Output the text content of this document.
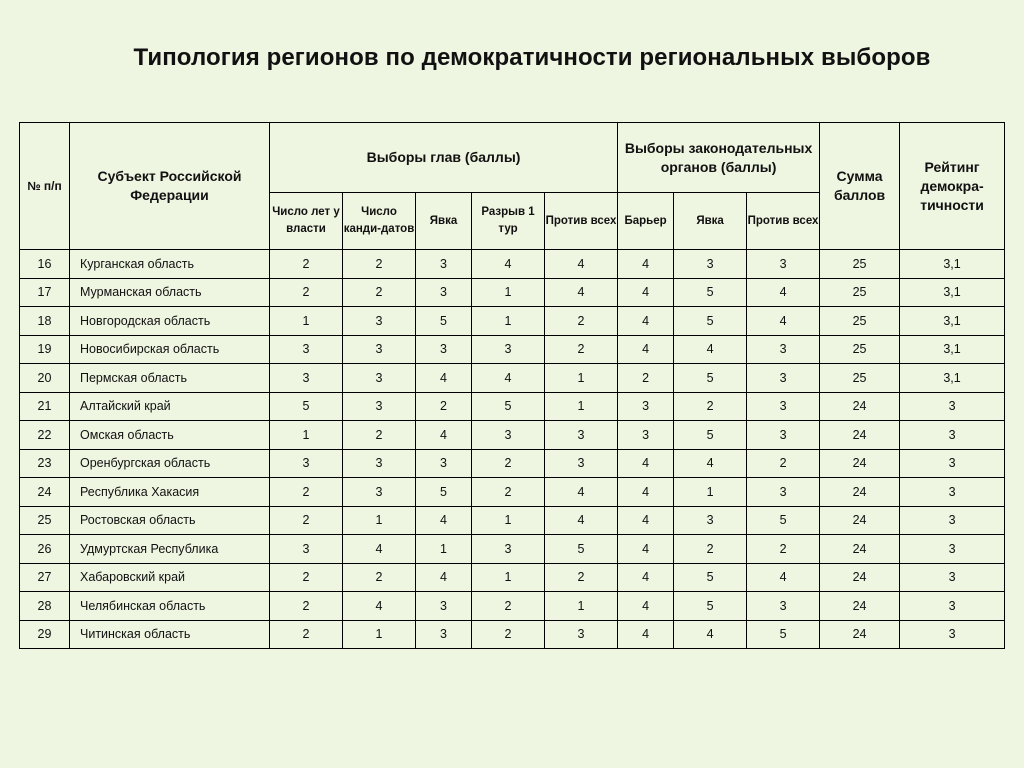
Типология регионов по демократичности региональных выборов
№ п/п	Субъект Российской Федерации	Выборы глав (баллы)					Выборы законодательных органов (баллы)			Сумма баллов	Рейтинг демокра-тичности
		Число лет у власти	Число канди-датов	Явка	Разрыв 1 тур	Против всех	Барьер	Явка	Против всех		
16	Курганская область	2	2	3	4	4	4	3	3	25	3,1
17	Мурманская область	2	2	3	1	4	4	5	4	25	3,1
18	Новгородская область	1	3	5	1	2	4	5	4	25	3,1
19	Новосибирская область	3	3	3	3	2	4	4	3	25	3,1
20	Пермская область	3	3	4	4	1	2	5	3	25	3,1
21	Алтайский край	5	3	2	5	1	3	2	3	24	3
22	Омская область	1	2	4	3	3	3	5	3	24	3
23	Оренбургская область	3	3	3	2	3	4	4	2	24	3
24	Республика Хакасия	2	3	5	2	4	4	1	3	24	3
25	Ростовская область	2	1	4	1	4	4	3	5	24	3
26	Удмуртская Республика	3	4	1	3	5	4	2	2	24	3
27	Хабаровский край	2	2	4	1	2	4	5	4	24	3
28	Челябинская область	2	4	3	2	1	4	5	3	24	3
29	Читинская область	2	1	3	2	3	4	4	5	24	3
